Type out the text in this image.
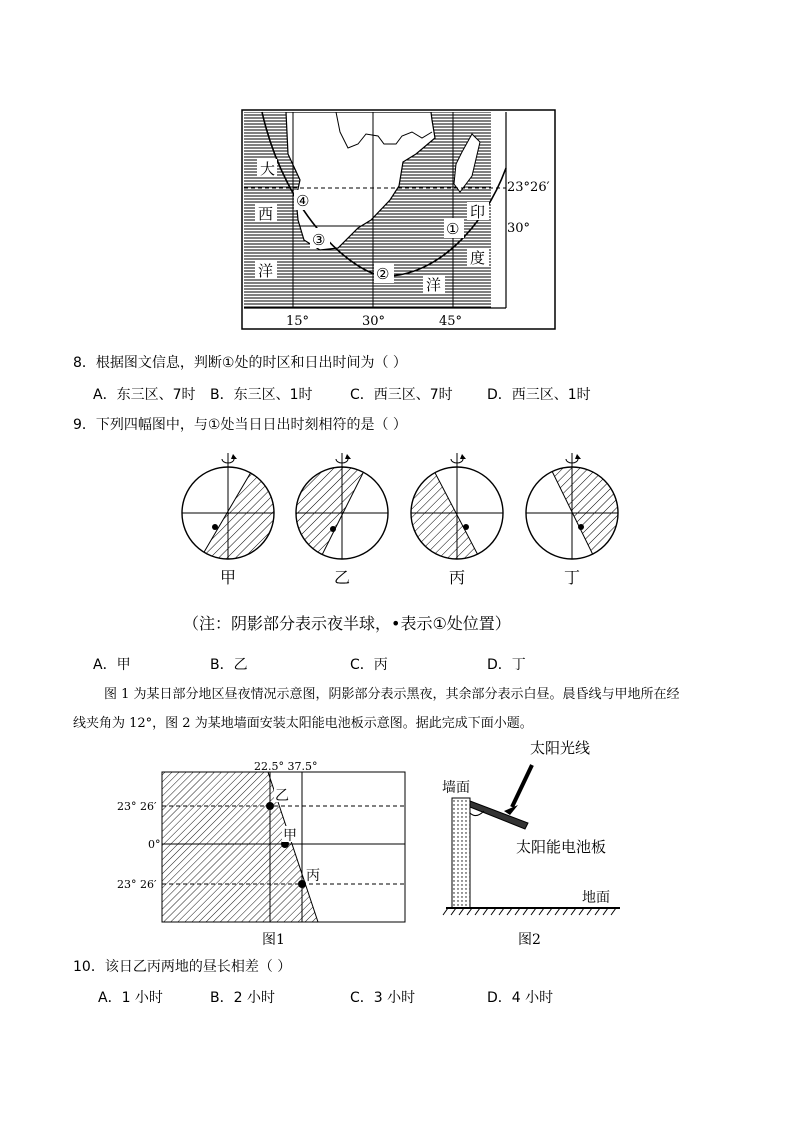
大
西
洋
印
度
洋
④
③
①
②
23°26′
30°
15°	30°	45°
8．根据图文信息，判断①处的时区和日出时间为（ ）
A．东三区、7时 B．东三区、1时	C．西三区、7时 D．西三区、1时
9．下列四幅图中，与①处当日日出时刻相符的是（ ）
甲	乙	丙	丁
（注：阴影部分表示夜半球，•表示①处位置）
A．甲	B．乙	C．丙	D．丁
图 1 为某日部分地区昼夜情况示意图，阴影部分表示黑夜，其余部分表示白昼。晨昏线与甲地所在经
线夹角为 12°，图 2 为某地墙面安装太阳能电池板示意图。据此完成下面小题。
22.5° 37.5°
23° 26′
0°
23° 26′
乙
甲
丙
图1
太阳光线
墙面
太阳能电池板
地面
图2
10．该日乙丙两地的昼长相差（ ）
A．1 小时	B．2 小时	C．3 小时	D．4 小时
